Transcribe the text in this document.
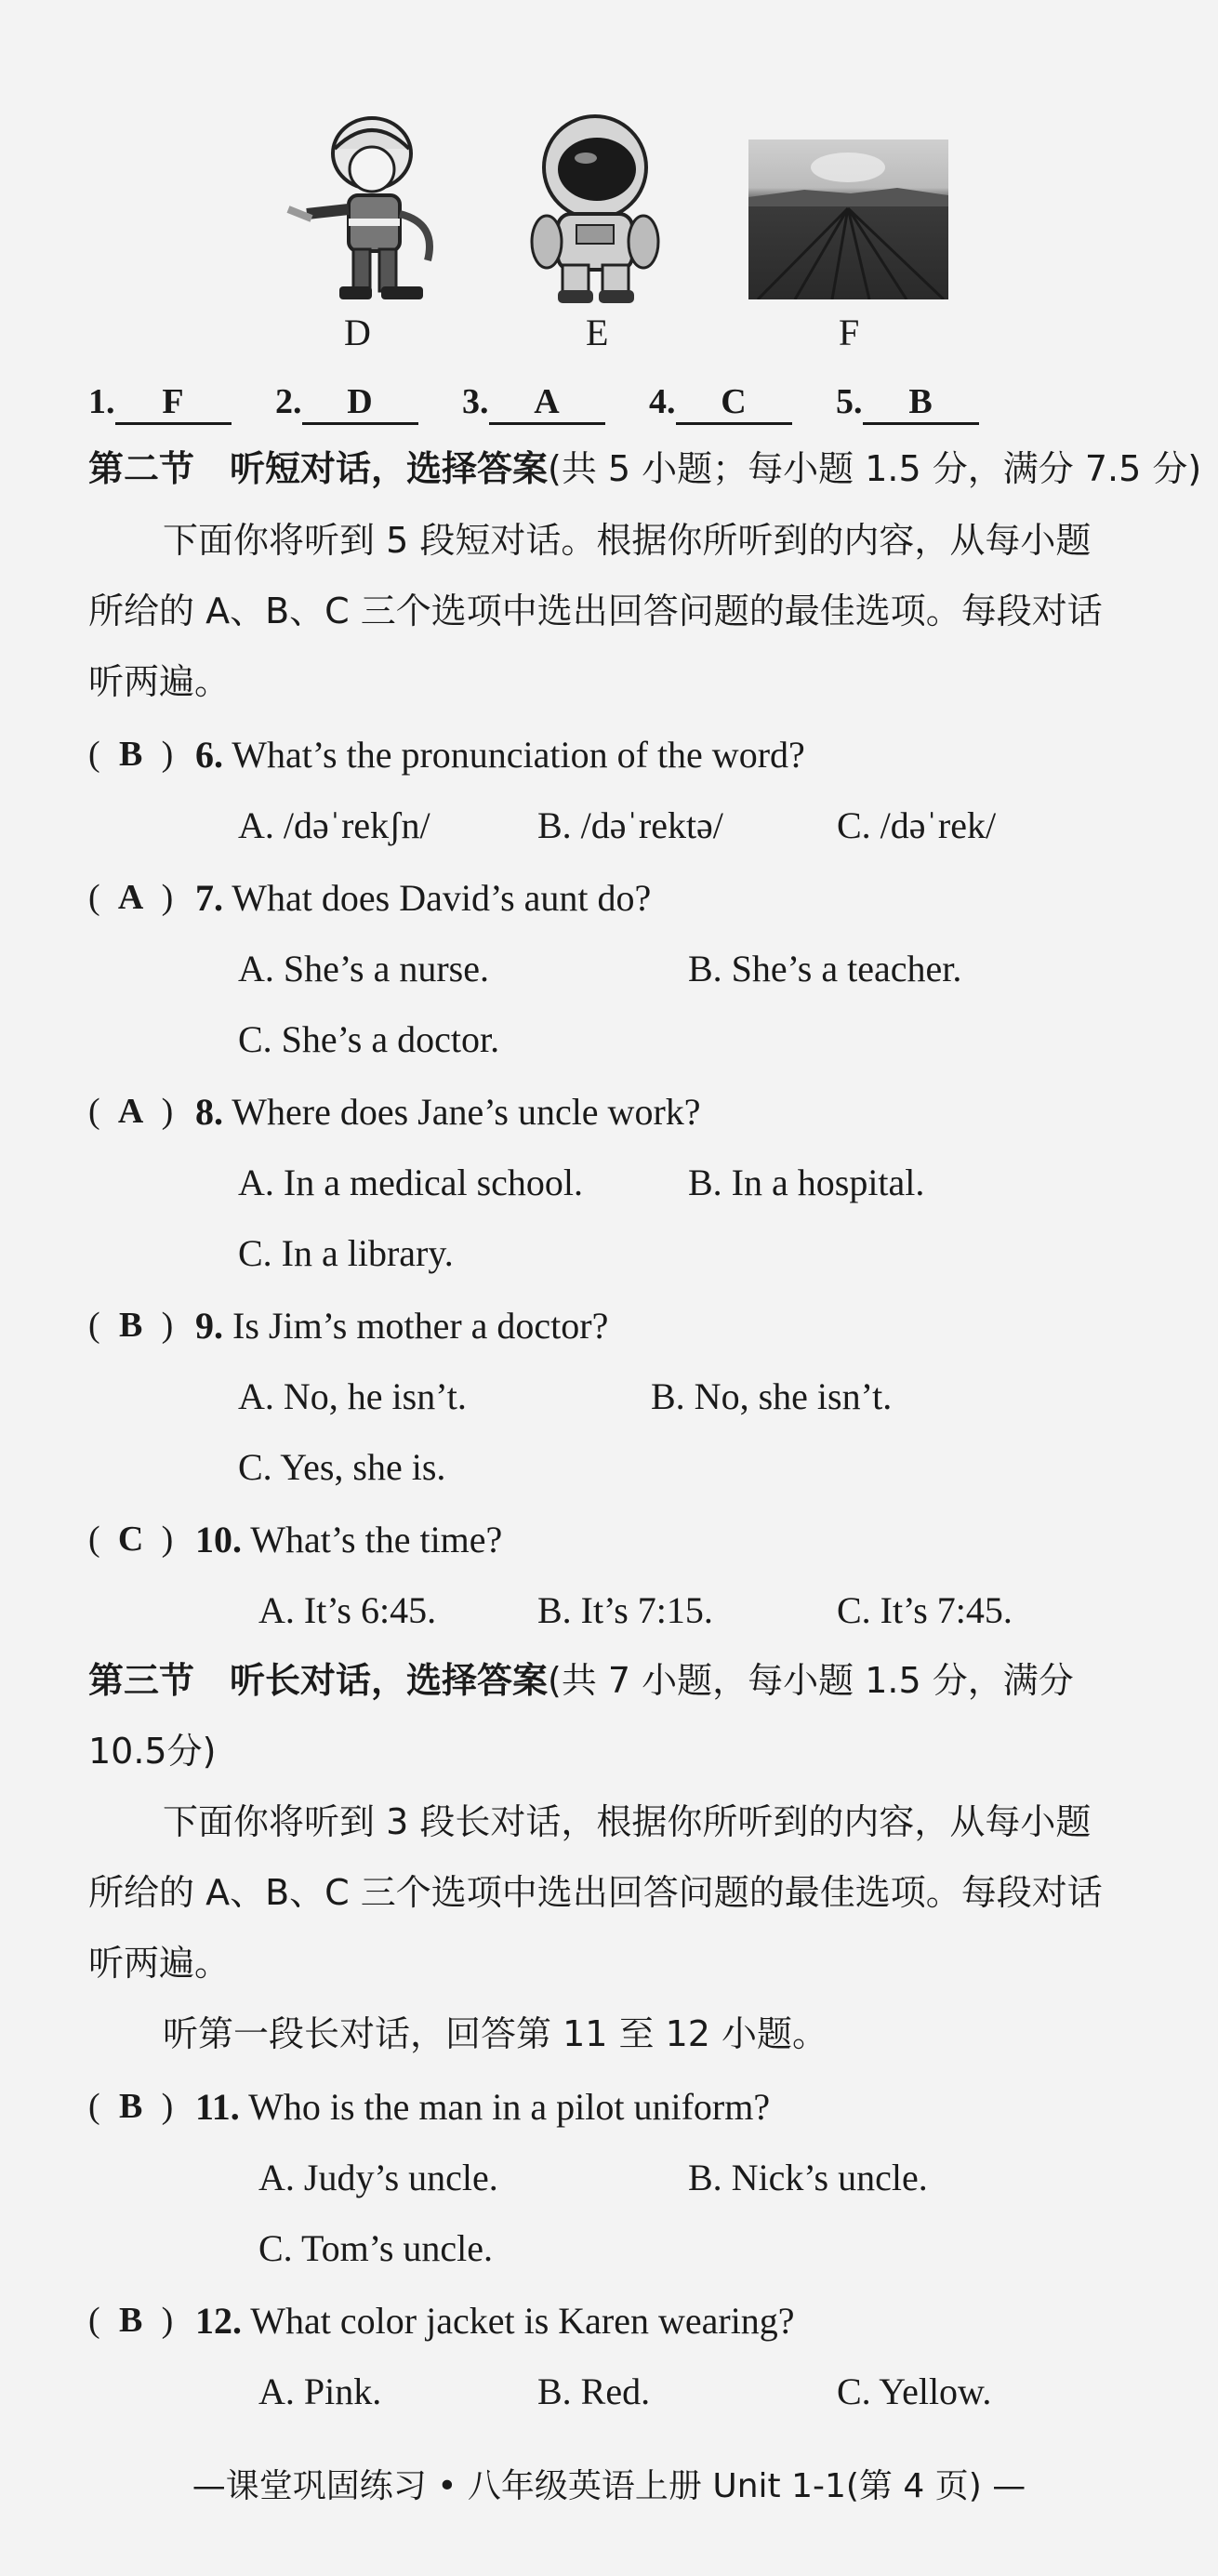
D	E	F
1. F	2. D	3. A	4. C	5. B
第二节　听短对话，选择答案(共 5 小题；每小题 1.5 分，满分 7.5 分)
下面你将听到 5 段短对话。根据你所听到的内容，从每小题
所给的 A、B、C 三个选项中选出回答问题的最佳选项。每段对话
听两遍。
( B ) 6. What’s the pronunciation of the word?
A. /dəˈrekʃn/	B. /dəˈrektə/	C. /dəˈrek/
( A ) 7. What does David’s aunt do?
A. She’s a nurse.	B. She’s a teacher.
C. She’s a doctor.
( A ) 8. Where does Jane’s uncle work?
A. In a medical school.	B. In a hospital.
C. In a library.
( B ) 9. Is Jim’s mother a doctor?
A. No, he isn’t.	B. No, she isn’t.
C. Yes, she is.
( C ) 10. What’s the time?
A. It’s 6:45.	B. It’s 7:15.	C. It’s 7:45.
第三节　听长对话，选择答案(共 7 小题，每小题 1.5 分，满分
10.5分)
下面你将听到 3 段长对话，根据你所听到的内容，从每小题
所给的 A、B、C 三个选项中选出回答问题的最佳选项。每段对话
听两遍。
听第一段长对话，回答第 11 至 12 小题。
( B ) 11. Who is the man in a pilot uniform?
A. Judy’s uncle.	B. Nick’s uncle.
C. Tom’s uncle.
( B ) 12. What color jacket is Karen wearing?
A. Pink.	B. Red.	C. Yellow.
—课堂巩固练习 • 八年级英语上册 Unit 1-1(第 4 页) —
